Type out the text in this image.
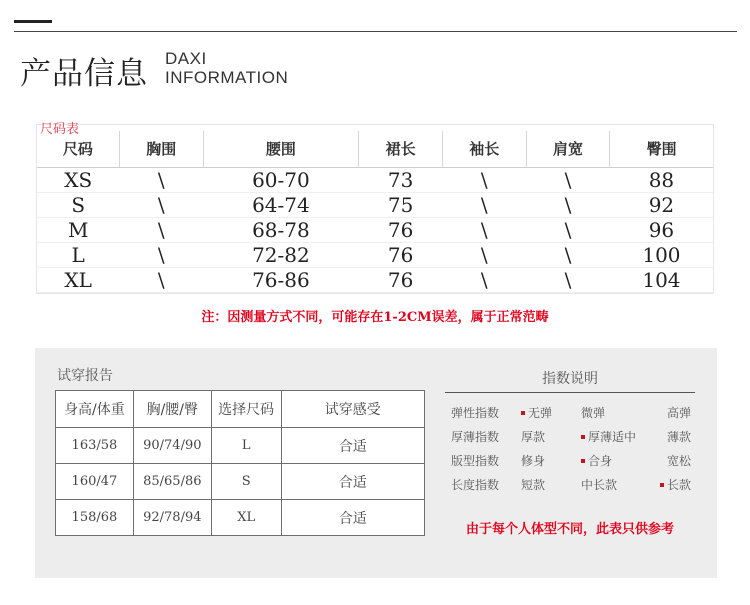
产品信息 DAXI
INFORMATION
尺码	胸围	腰围	裙长	袖长	肩宽	臀围
XS	\	60-70	73	\	\	88
S	\	64-74	75	\	\	92
M	\	68-78	76	\	\	96
L	\	72-82	76	\	\	100
XL	\	76-86	76	\	\	104
尺码表
注：因测量方式不同，可能存在1-2CM误差，属于正常范畴
试穿报告
身高/体重	胸/腰/臀	选择尺码	试穿感受
163/58	90/74/90	L	合适
160/47	85/65/86	S	合适
158/68	92/78/94	XL	合适
指数说明
弹性指数	无弹	微弹	高弹
厚薄指数	厚款	厚薄适中	薄款
版型指数	修身	合身	宽松
长度指数	短款	中长款	长款
由于每个人体型不同，此表只供参考
